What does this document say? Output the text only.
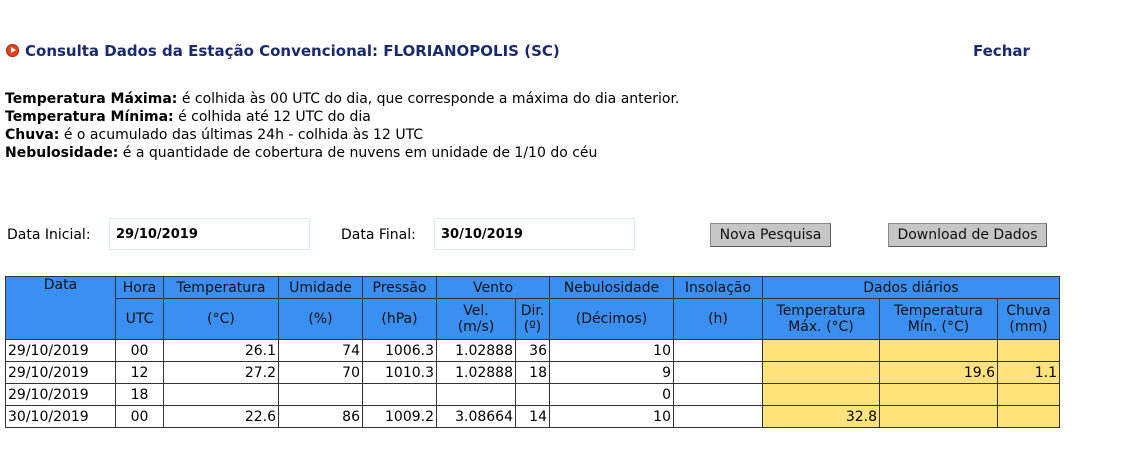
Consulta Dados da Estação Convencional: FLORIANOPOLIS (SC)	Fechar
Temperatura Máxima: é colhida às 00 UTC do dia, que corresponde a máxima do dia anterior.
Temperatura Mínima: é colhida até 12 UTC do dia
Chuva: é o acumulado das últimas 24h - colhida às 12 UTC
Nebulosidade: é a quantidade de cobertura de nuvens em unidade de 1/10 do céu
Data Inicial:
29/10/2019	Data Final:
30/10/2019	Nova Pesquisa	Download de Dados
Data	Hora	Temperatura	Umidade	Pressão	Vento		Nebulosidade	Insolação	Dados diários		
	UTC	(°C)	(%)	(hPa)	Vel.
(m/s)	Dir.
(º)	(Décimos)	(h)	Temperatura
Máx. (°C)	Temperatura
Mín. (°C)	Chuva
(mm)
29/10/2019	00	26.1	74	1006.3	1.02888	36	10				
29/10/2019	12	27.2	70	1010.3	1.02888	18	9			19.6	1.1
29/10/2019	18						0				
30/10/2019	00	22.6	86	1009.2	3.08664	14	10		32.8		
